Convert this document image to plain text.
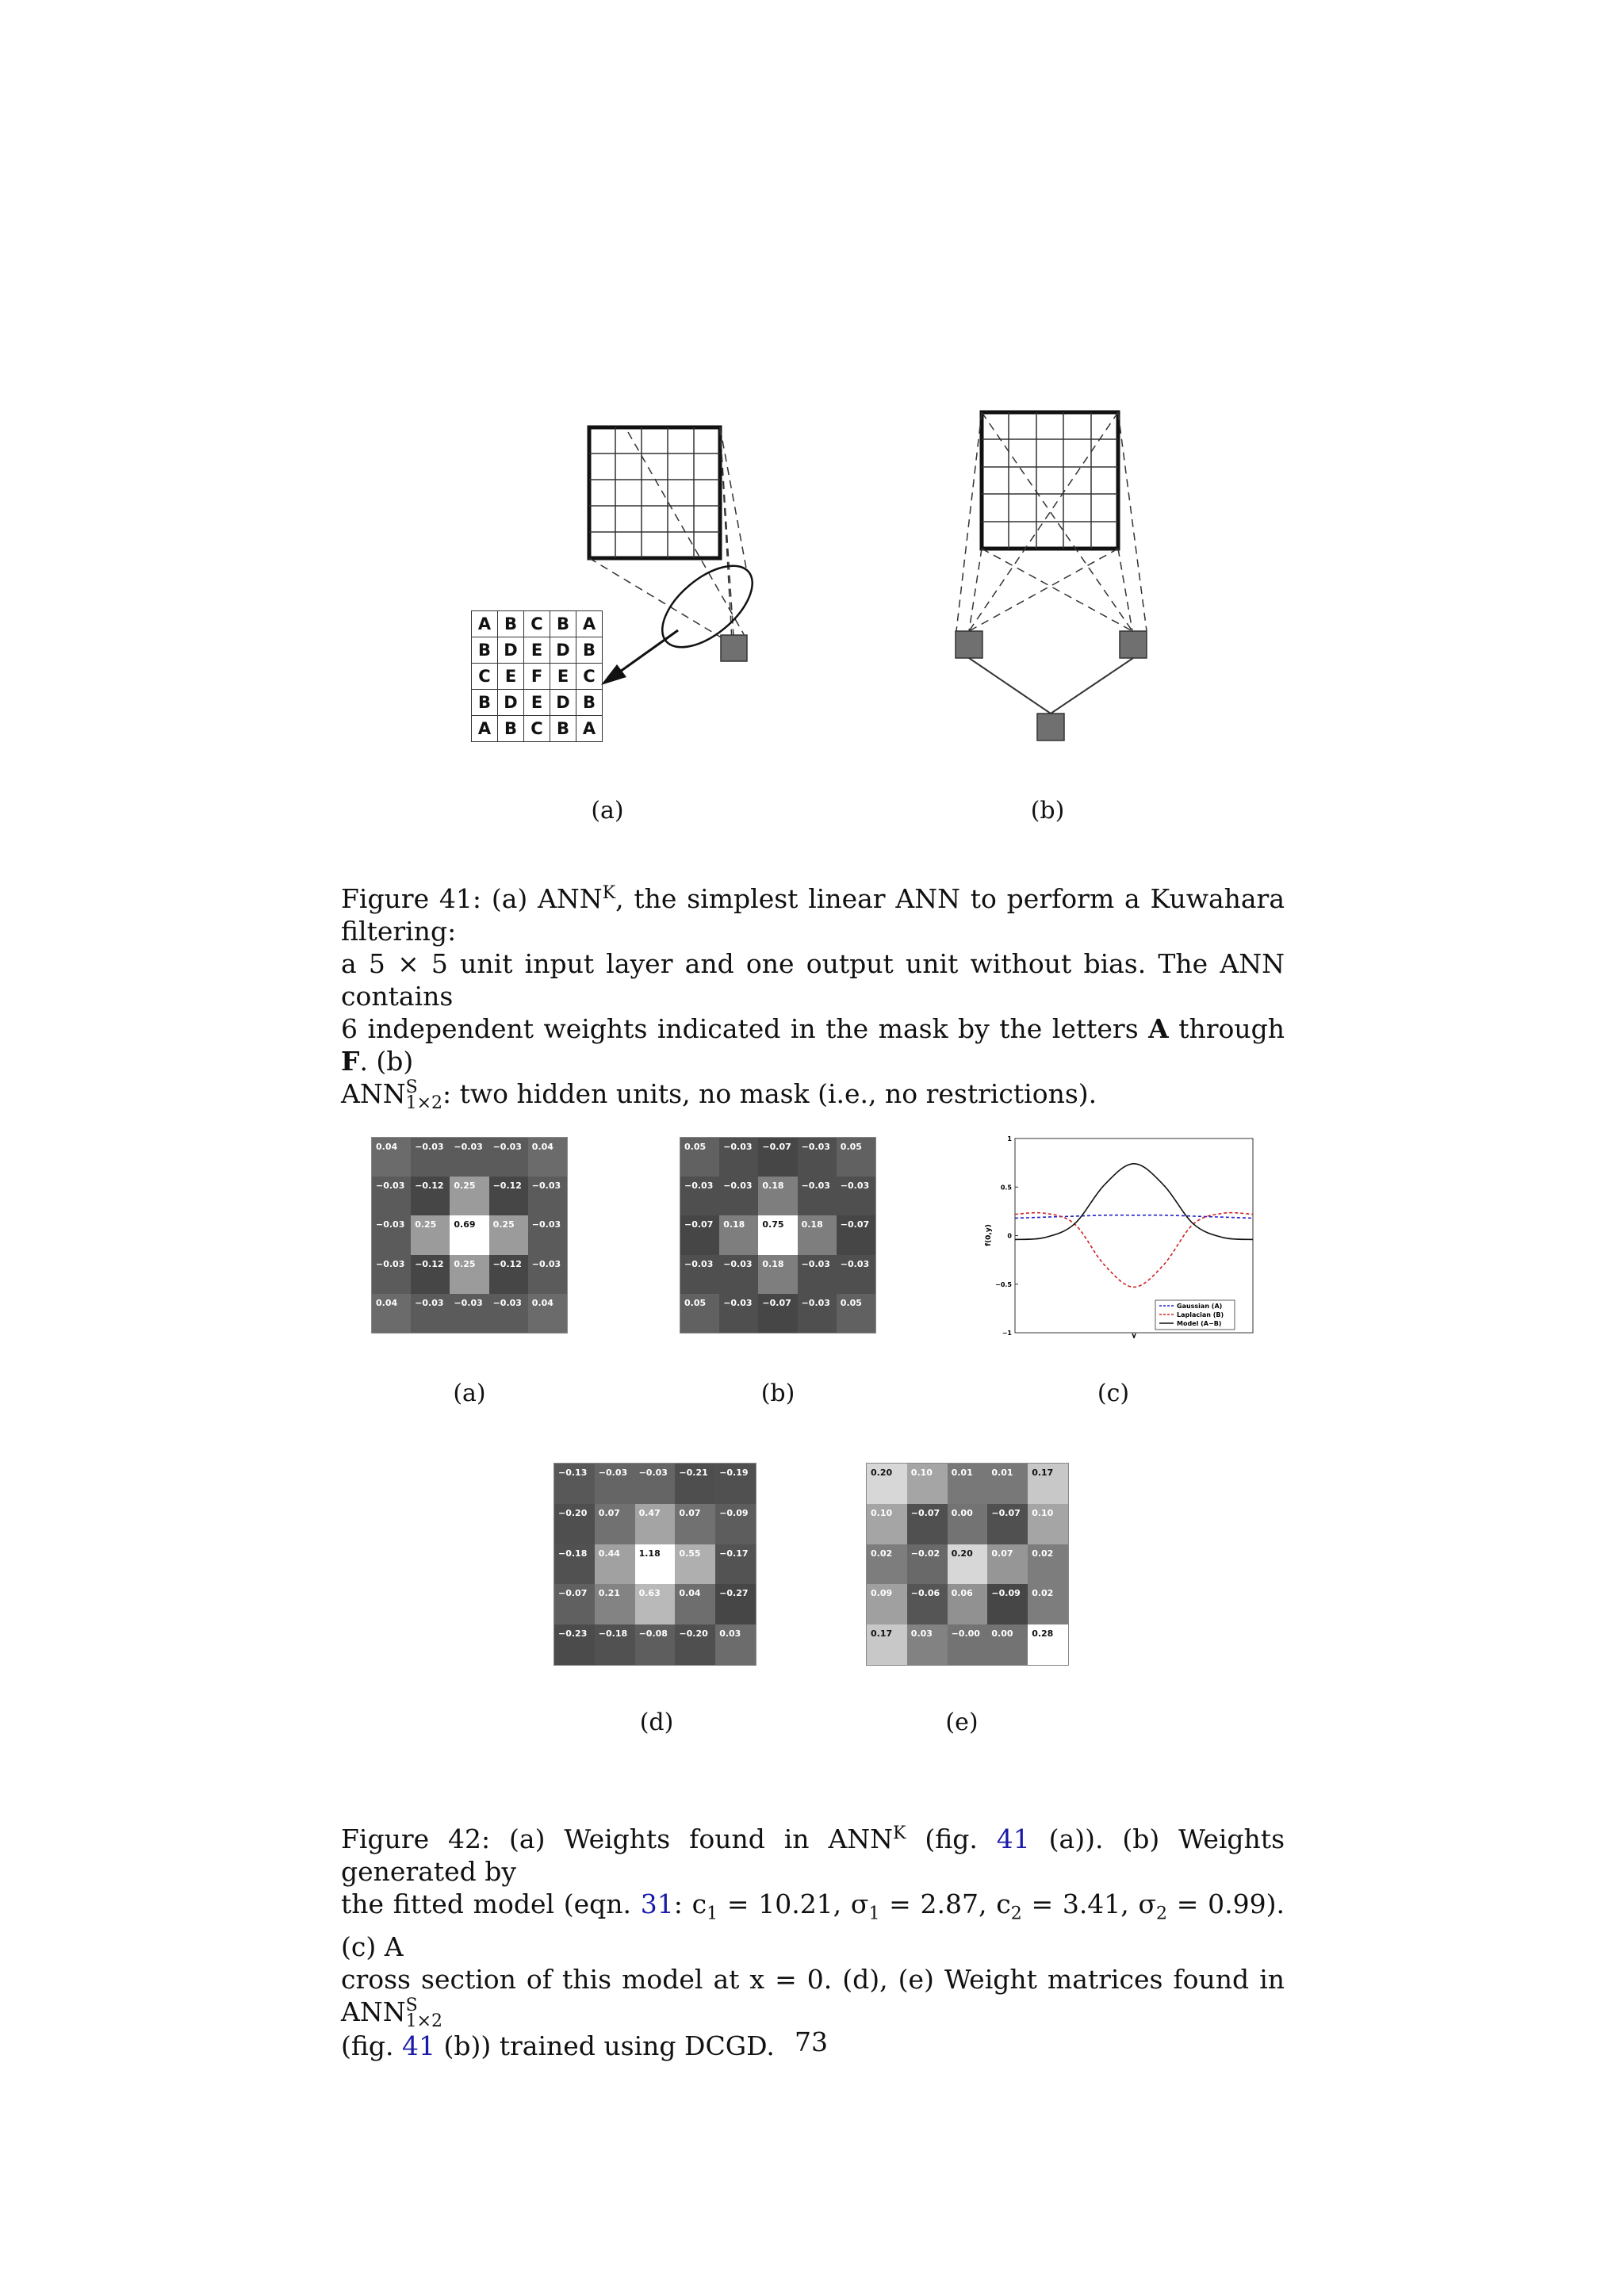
A	B	C	B	A
B	D	E	D	B
C	E	F	E	C
B	D	E	D	B
A	B	C	B	A
(a)	(b)
Figure 41: (a) $ANN^K$, the simplest linear ANN to perform a Kuwahara filtering:
a 5 × 5 unit input layer and one output unit without bias. The ANN contains
6 independent weights indicated in the mask by the letters A through F. (b)
ANN S
1×2 : two hidden units, no mask (i.e., no restrictions).
0.04 −0.03 −0.03 −0.03 0.04
−0.03 −0.12 0.25 −0.12 −0.03
−0.03 0.25 0.69 0.25 −0.03
−0.03 −0.12 0.25 −0.12 −0.03
0.04 −0.03 −0.03 −0.03 0.04
0.05 −0.03 −0.07 −0.03 0.05
−0.03 −0.03 0.18 −0.03 −0.03
−0.07 0.18 0.75 0.18 −0.07
−0.03 −0.03 0.18 −0.03 −0.03
0.05 −0.03 −0.07 −0.03 0.05
1
0.5
0
−0.5
−1
f(0,y)
y
Gaussian (A)
Laplacian (B)
Model (A−B)
(a)	(b)	(c)
−0.13 −0.03 −0.03 −0.21 −0.19
−0.20 0.07 0.47 0.07 −0.09
−0.18 0.44 1.18 0.55 −0.17
−0.07 0.21 0.63 0.04 −0.27
−0.23 −0.18 −0.08 −0.20 0.03
0.20 0.10 0.01 0.01 0.17
0.10 −0.07 0.00 −0.07 0.10
0.02 −0.02 0.20 0.07 0.02
0.09 −0.06 0.06 −0.09 0.02
0.17 0.03 −0.00 0.00 0.28
(d)	(e)
Figure 42: (a) Weights found in $ANN^K$ (fig. 41 (a)). (b) Weights generated by
the fitted model (eqn. 31: $c_1 = 10.21$, $\sigma_1 = 2.87$, $c_2 = 3.41$, $\sigma_2 = 0.99$). (c) A
cross section of this model at x = 0. (d), (e) Weight matrices found in ANN S
1×2
(fig. 41 (b)) trained using DCGD. 73
